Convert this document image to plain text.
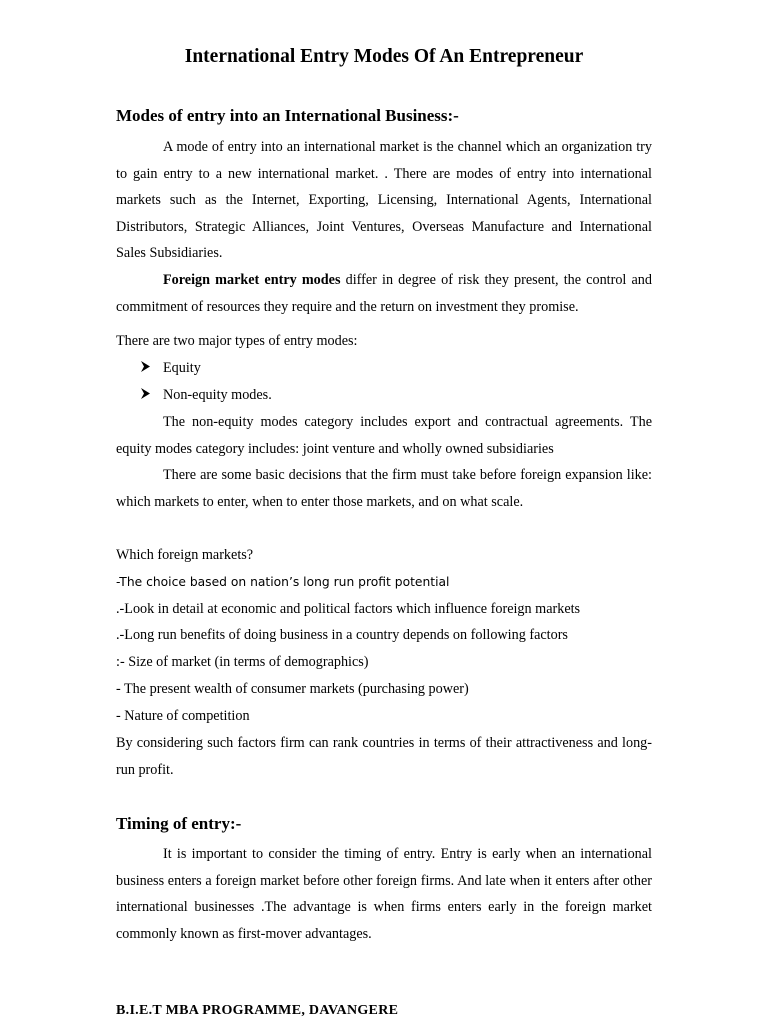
International Entry Modes Of An Entrepreneur
Modes of entry into an International Business:-
A mode of entry into an international market is the channel which an organization try to gain entry to a new international market. . There are modes of entry into international markets such as the Internet, Exporting, Licensing, International Agents, International Distributors, Strategic Alliances, Joint Ventures, Overseas Manufacture and International Sales Subsidiaries.
Foreign market entry modes differ in degree of risk they present, the control and commitment of resources they require and the return on investment they promise.
There are two major types of entry modes:
Equity
Non-equity modes.
The non-equity modes category includes export and contractual agreements. The equity modes category includes: joint venture and wholly owned subsidiaries
There are some basic decisions that the firm must take before foreign expansion like: which markets to enter, when to enter those markets, and on what scale.
Which foreign markets?
-The choice based on nation’s long run profit potential
.-Look in detail at economic and political factors which influence foreign markets
.-Long run benefits of doing business in a country depends on following factors
:- Size of market (in terms of demographics)
- The present wealth of consumer markets (purchasing power)
- Nature of competition
By considering such factors firm can rank countries in terms of their attractiveness and long-run profit.
Timing of entry:-
It is important to consider the timing of entry. Entry is early when an international business enters a foreign market before other foreign firms. And late when it enters after other international businesses .The advantage is when firms enters early in the foreign market commonly known as first-mover advantages.
B.I.E.T MBA PROGRAMME, DAVANGERE
